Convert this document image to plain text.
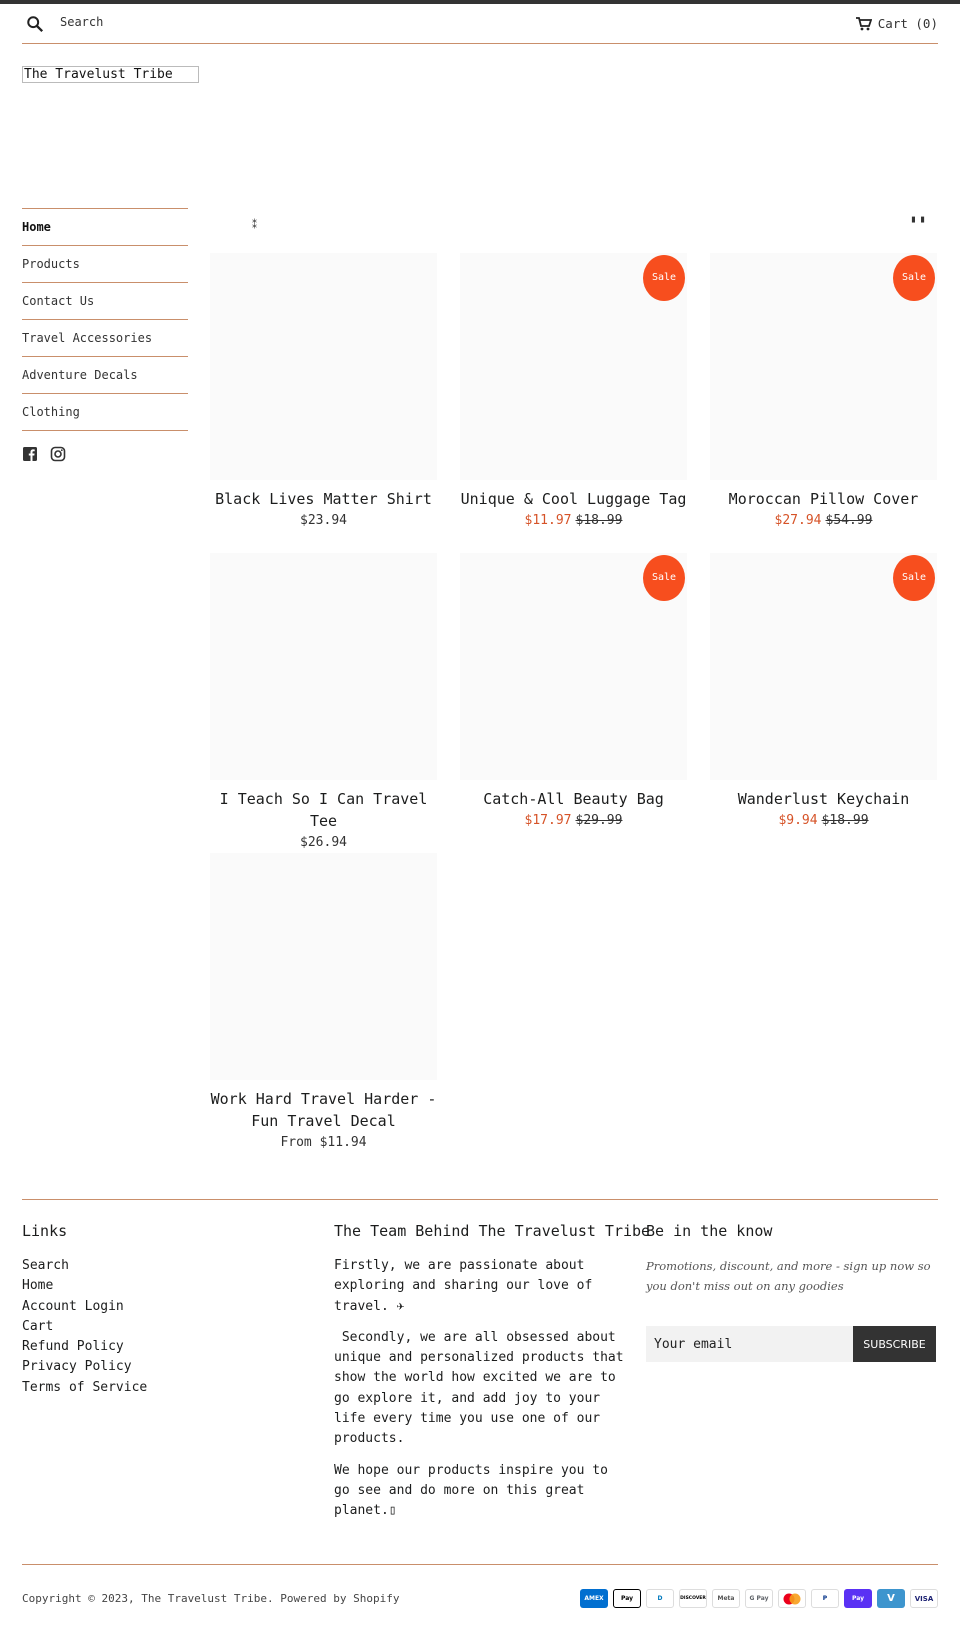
Search	Cart (0)
The Travelust Tribe
Home
Products
Contact Us
Travel Accessories
Adventure Decals
Clothing
⁑	▘▝
Black Lives Matter Shirt
$23.94
Sale
Unique & Cool Luggage Tag
$11.97 $18.99
Sale
Moroccan Pillow Cover
$27.94 $54.99
I Teach So I Can Travel Tee
$26.94
Sale
Catch-All Beauty Bag
$17.97 $29.99
Sale
Wanderlust Keychain
$9.94 $18.99
Work Hard Travel Harder - Fun Travel Decal
From $11.94
Links
Search
Home
Account Login
Cart
Refund Policy
Privacy Policy
Terms of Service
The Team Behind The Travelust Tribe

Firstly, we are passionate about exploring and sharing our love of travel. ✈

Secondly, we are all obsessed about unique and personalized products that show the world how excited we are to go explore it, and add joy to your life every time you use one of our products.

We hope our products inspire you to go see and do more on this great planet.▯

Be in the know
Promotions, discount, and more - sign up now so you don't miss out on any goodies
Your email
SUBSCRIBE
Copyright © 2023, The Travelust Tribe. Powered by Shopify	AMEX	Pay	D	DISCOVER	Meta	G Pay	P	Pay	V	VISA
